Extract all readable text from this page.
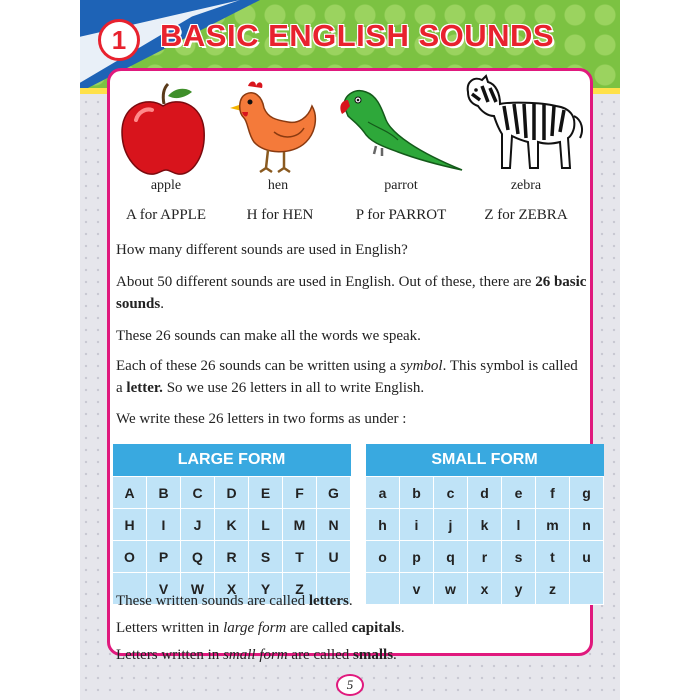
1	BASIC ENGLISH SOUNDS
apple	hen	parrot	zebra
A for APPLE	H for HEN	P for PARROT	Z for ZEBRA
How many different sounds are used in English?
About 50 different sounds are used in English. Out of these, there are 26 basic sounds.
These 26 sounds can make all the words we speak.
Each of these 26 sounds can be written using a symbol. This symbol is called a letter. So we use 26 letters in all to write English.
We write these 26 letters in two forms as under :
LARGE FORM						
A	B	C	D	E	F	G
H	I	J	K	L	M	N
O	P	Q	R	S	T	U
	V	W	X	Y	Z	
SMALL FORM						
a	b	c	d	e	f	g
h	i	j	k	l	m	n
o	p	q	r	s	t	u
	v	w	x	y	z	
These written sounds are called letters.
Letters written in large form are called capitals.
Letters written in small form are called smalls.
5
